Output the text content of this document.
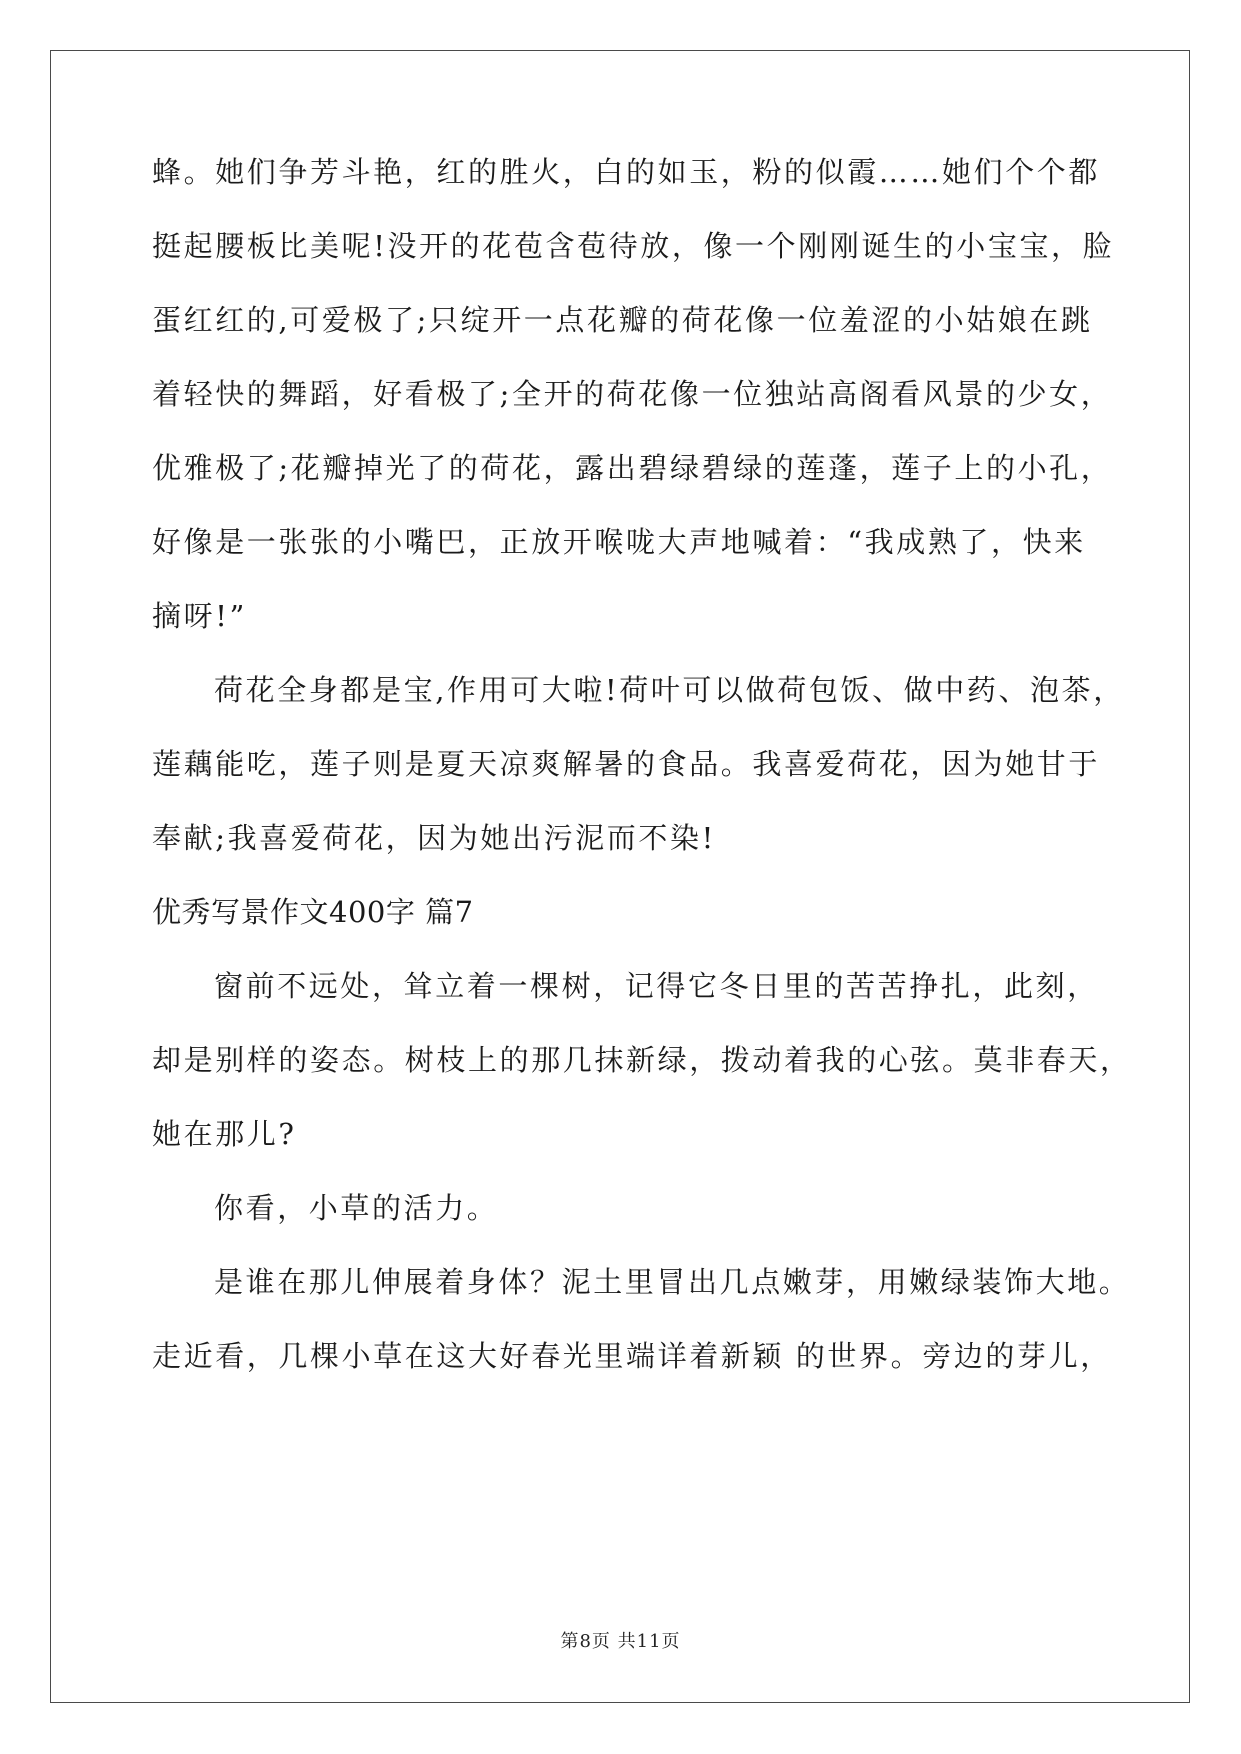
蜂。她们争芳斗艳，红的胜火，白的如玉，粉的似霞……她们个个都
挺起腰板比美呢!没开的花苞含苞待放，像一个刚刚诞生的小宝宝，脸
蛋红红的,可爱极了;只绽开一点花瓣的荷花像一位羞涩的小姑娘在跳
着轻快的舞蹈，好看极了;全开的荷花像一位独站高阁看风景的少女，
优雅极了;花瓣掉光了的荷花，露出碧绿碧绿的莲蓬，莲子上的小孔，
好像是一张张的小嘴巴，正放开喉咙大声地喊着：“我成熟了，快来
摘呀!”
荷花全身都是宝,作用可大啦!荷叶可以做荷包饭、做中药、泡茶，
莲藕能吃，莲子则是夏天凉爽解暑的食品。我喜爱荷花，因为她甘于
奉献;我喜爱荷花，因为她出污泥而不染!
优秀写景作文400字 篇7
窗前不远处，耸立着一棵树，记得它冬日里的苦苦挣扎，此刻，
却是别样的姿态。树枝上的那几抹新绿，拨动着我的心弦。莫非春天，
她在那儿?
你看，小草的活力。
是谁在那儿伸展着身体？泥土里冒出几点嫩芽，用嫩绿装饰大地。
走近看，几棵小草在这大好春光里端详着新颖 的世界。旁边的芽儿，
第8页 共11页
